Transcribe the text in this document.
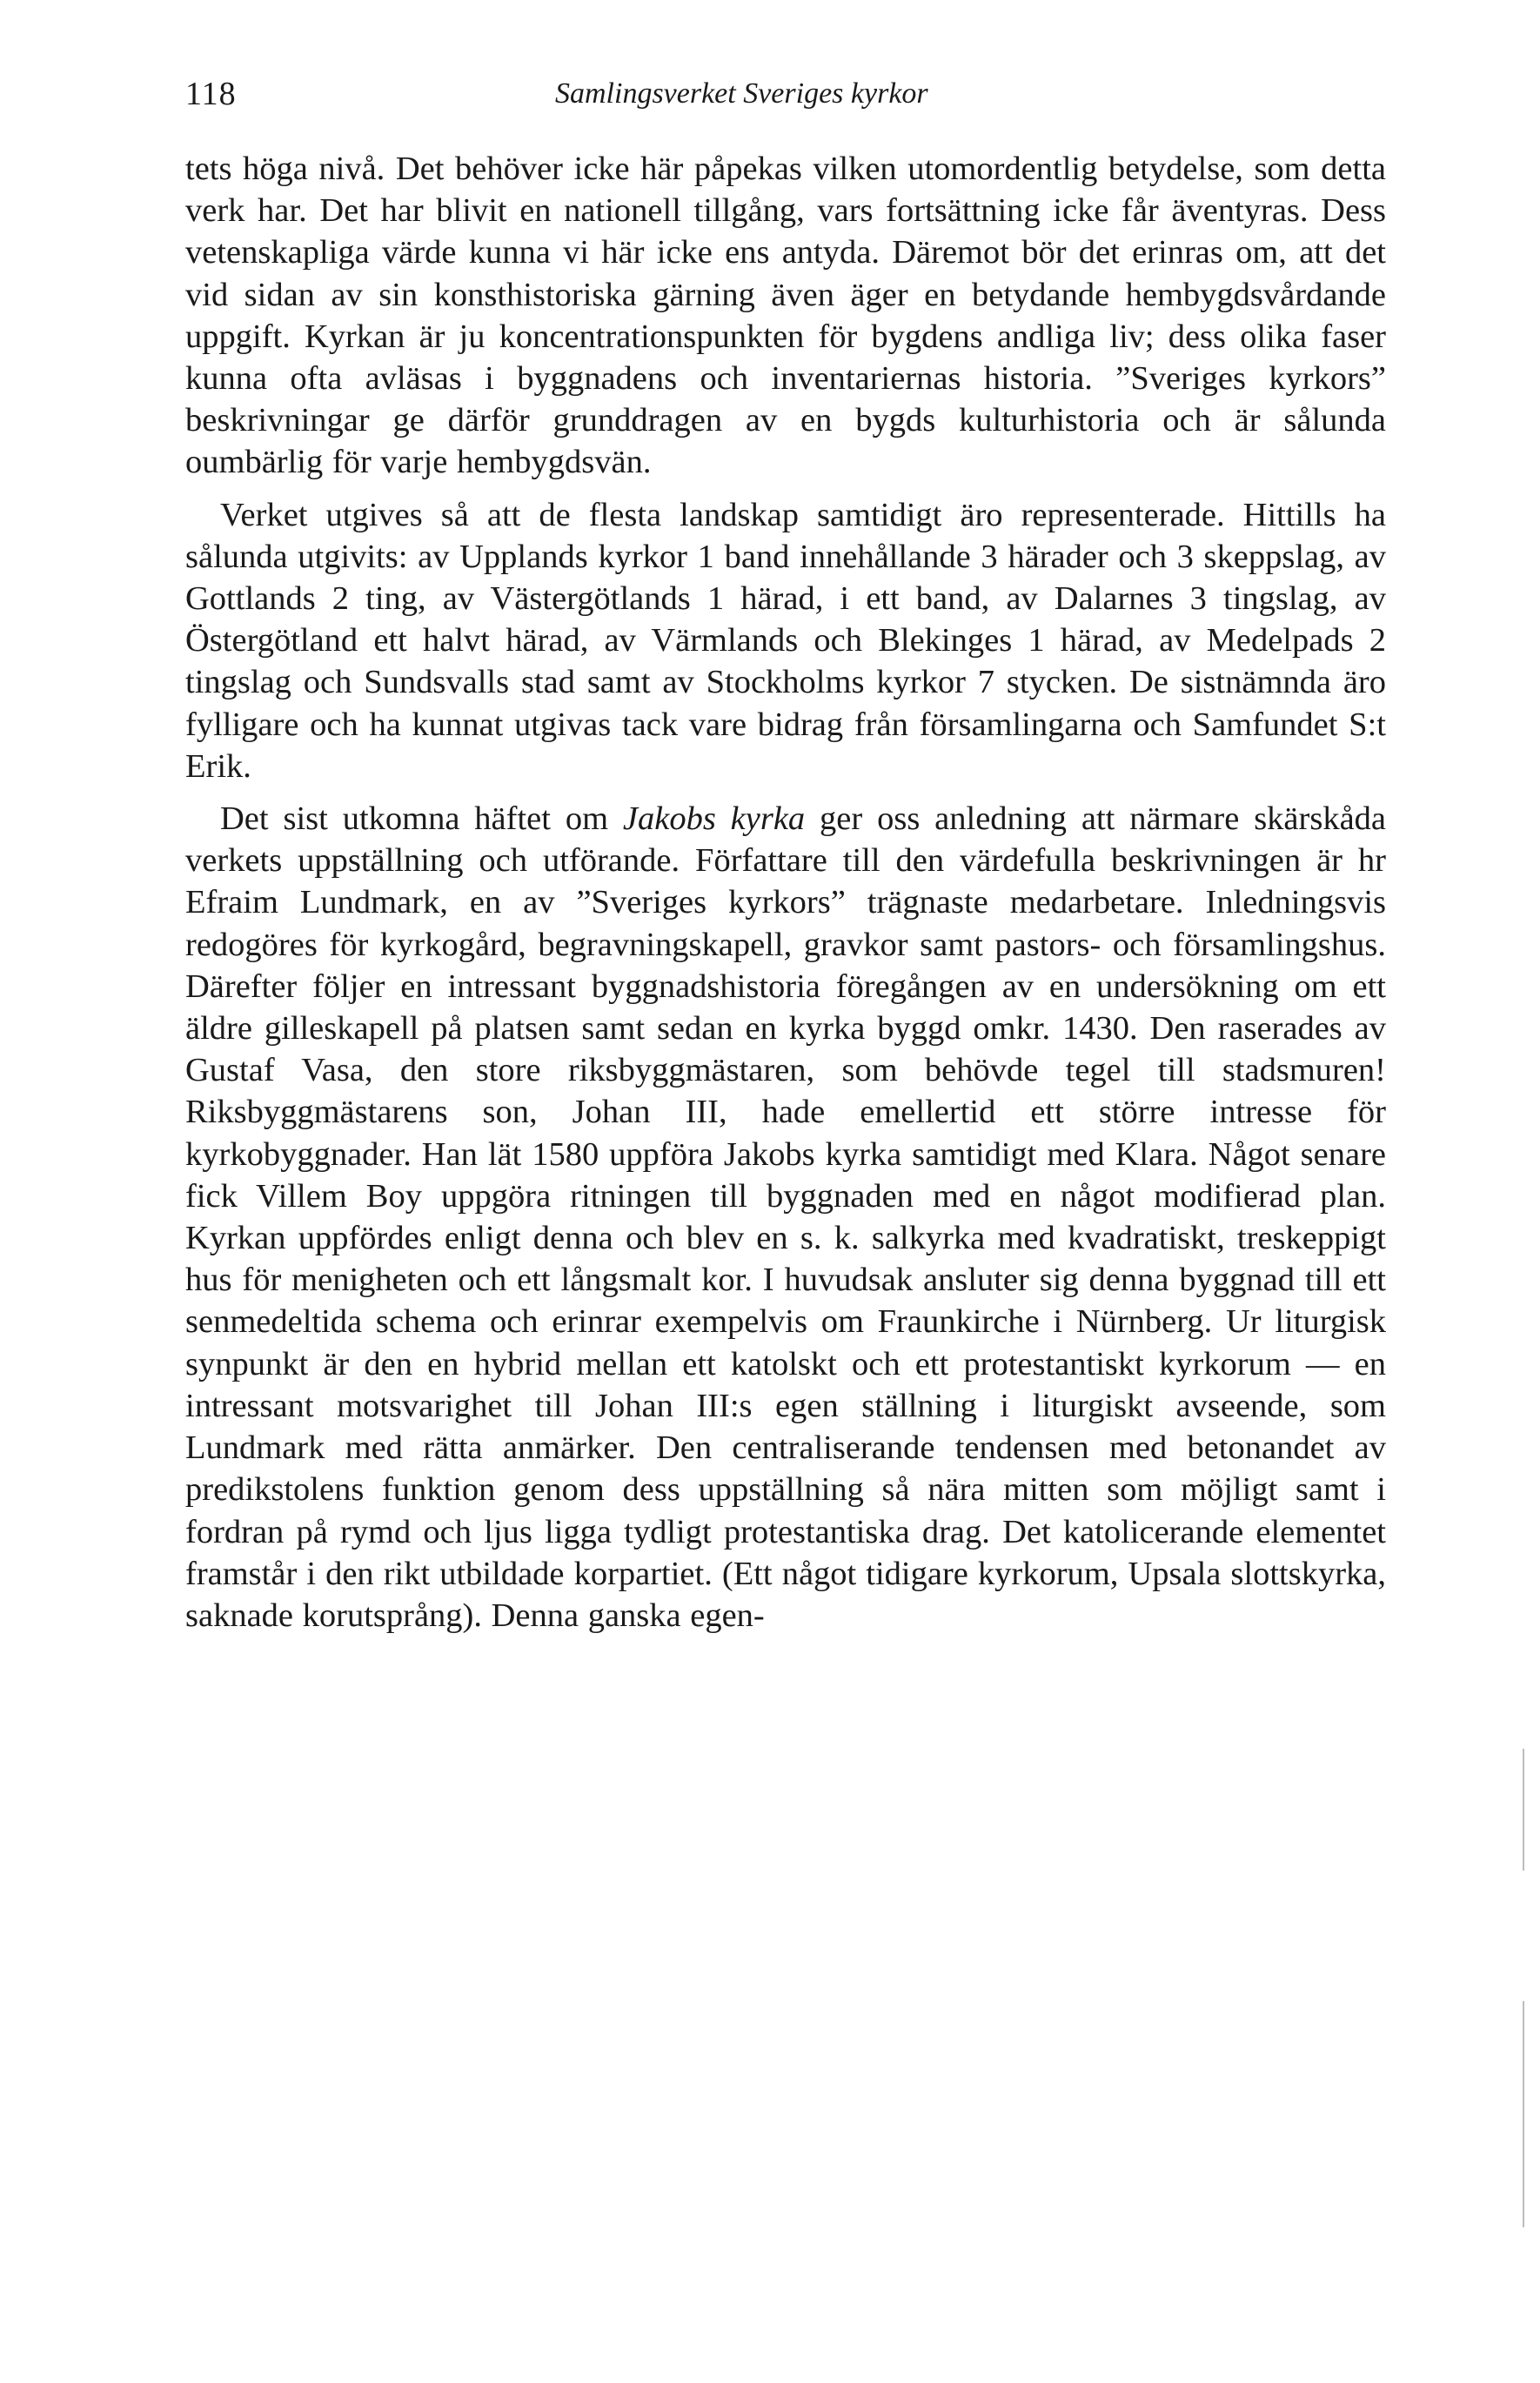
118	Samlingsverket Sveriges kyrkor

tets höga nivå. Det behöver icke här påpekas vilken utomordentlig betydelse, som detta verk har. Det har blivit en nationell tillgång, vars fortsättning icke får äventyras. Dess vetenskapliga värde kunna vi här icke ens antyda. Däremot bör det erinras om, att det vid sidan av sin konsthistoriska gärning även äger en betydande hembygdsvårdande uppgift. Kyrkan är ju koncentrationspunkten för bygdens andliga liv; dess olika faser kunna ofta avläsas i byggnadens och inventariernas historia. ”Sveriges kyrkors” beskrivningar ge därför grunddragen av en bygds kulturhistoria och är sålunda oumbärlig för varje hembygdsvän.

Verket utgives så att de flesta landskap samtidigt äro representerade. Hittills ha sålunda utgivits: av Upplands kyrkor 1 band innehållande 3 härader och 3 skeppslag, av Gottlands 2 ting, av Västergötlands 1 härad, i ett band, av Dalarnes 3 tingslag, av Östergötland ett halvt härad, av Värmlands och Blekinges 1 härad, av Medelpads 2 tingslag och Sundsvalls stad samt av Stockholms kyrkor 7 stycken. De sistnämnda äro fylligare och ha kunnat utgivas tack vare bidrag från församlingarna och Samfundet S:t Erik.

Det sist utkomna häftet om Jakobs kyrka ger oss anledning att närmare skärskåda verkets uppställning och utförande. Författare till den värdefulla beskrivningen är hr Efraim Lundmark, en av ”Sveriges kyrkors” trägnaste medarbetare. Inledningsvis redogöres för kyrkogård, begravningskapell, gravkor samt pastors- och församlingshus. Därefter följer en intressant byggnadshistoria föregången av en undersökning om ett äldre gilleskapell på platsen samt sedan en kyrka byggd omkr. 1430. Den raserades av Gustaf Vasa, den store riksbyggmästaren, som behövde tegel till stadsmuren! Riksbyggmästarens son, Johan III, hade emellertid ett större intresse för kyrkobyggnader. Han lät 1580 uppföra Jakobs kyrka samtidigt med Klara. Något senare fick Villem Boy uppgöra ritningen till byggnaden med en något modifierad plan. Kyrkan uppfördes enligt denna och blev en s. k. salkyrka med kvadratiskt, treskeppigt hus för menigheten och ett långsmalt kor. I huvudsak ansluter sig denna byggnad till ett senmedeltida schema och erinrar exempelvis om Fraunkirche i Nürnberg. Ur liturgisk synpunkt är den en hybrid mellan ett katolskt och ett protestantiskt kyrkorum — en intressant motsvarighet till Johan III:s egen ställning i liturgiskt avseende, som Lundmark med rätta anmärker. Den centraliserande tendensen med betonandet av predikstolens funktion genom dess uppställning så nära mitten som möjligt samt i fordran på rymd och ljus ligga tydligt protestantiska drag. Det katolicerande elementet framstår i den rikt utbildade korpartiet. (Ett något tidigare kyrkorum, Upsala slottskyrka, saknade korutsprång). Denna ganska egen-
